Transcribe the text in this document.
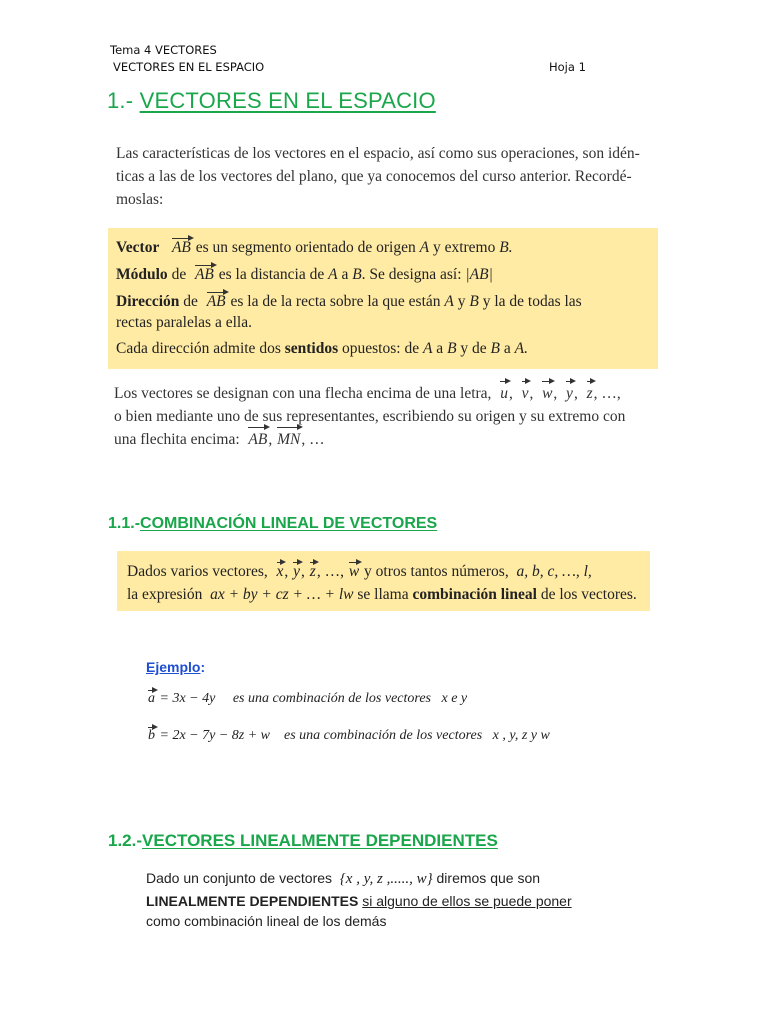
Tema 4 VECTORES
VECTORES EN EL ESPACIO	Hoja 1
1.- VECTORES EN EL ESPACIO
Las características de los vectores en el espacio, así como sus operaciones, son idén-
ticas a las de los vectores del plano, que ya conocemos del curso anterior. Recordé-
moslas:

Vector AB es un segmento orientado de origen A y extremo B.

Módulo de  AB es la distancia de A a B. Se designa así: |AB|

Dirección de  AB es la de la recta sobre la que están A y B y la de todas las

rectas paralelas a ella.

Cada dirección admite dos sentidos opuestos: de A a B y de B a A.

Los vectores se designan con una flecha encima de una letra, u,  v,  w,  y,  z, …,
o bien mediante uno de sus representantes, escribiendo su origen y su extremo con
una flechita encima: AB, MN, …
1.1.-COMBINACIÓN LINEAL DE VECTORES

Dados varios vectores, x, y, z, …, w y otros tantos números, a, b, c, …, l,

la expresión ax + by + cz + … + lw se llama combinación lineal de los vectores.

Ejemplo:
a = 3x − 4y es una combinación de los vectores x e y
b = 2x − 7y − 8z + w es una combinación de los vectores x , y, z y w
1.2.-VECTORES LINEALMENTE DEPENDIENTES
Dado un conjunto de vectores {x , y, z ,....., w} diremos que son
LINEALMENTE DEPENDIENTES si alguno de ellos se puede poner
como combinación lineal de los demás
